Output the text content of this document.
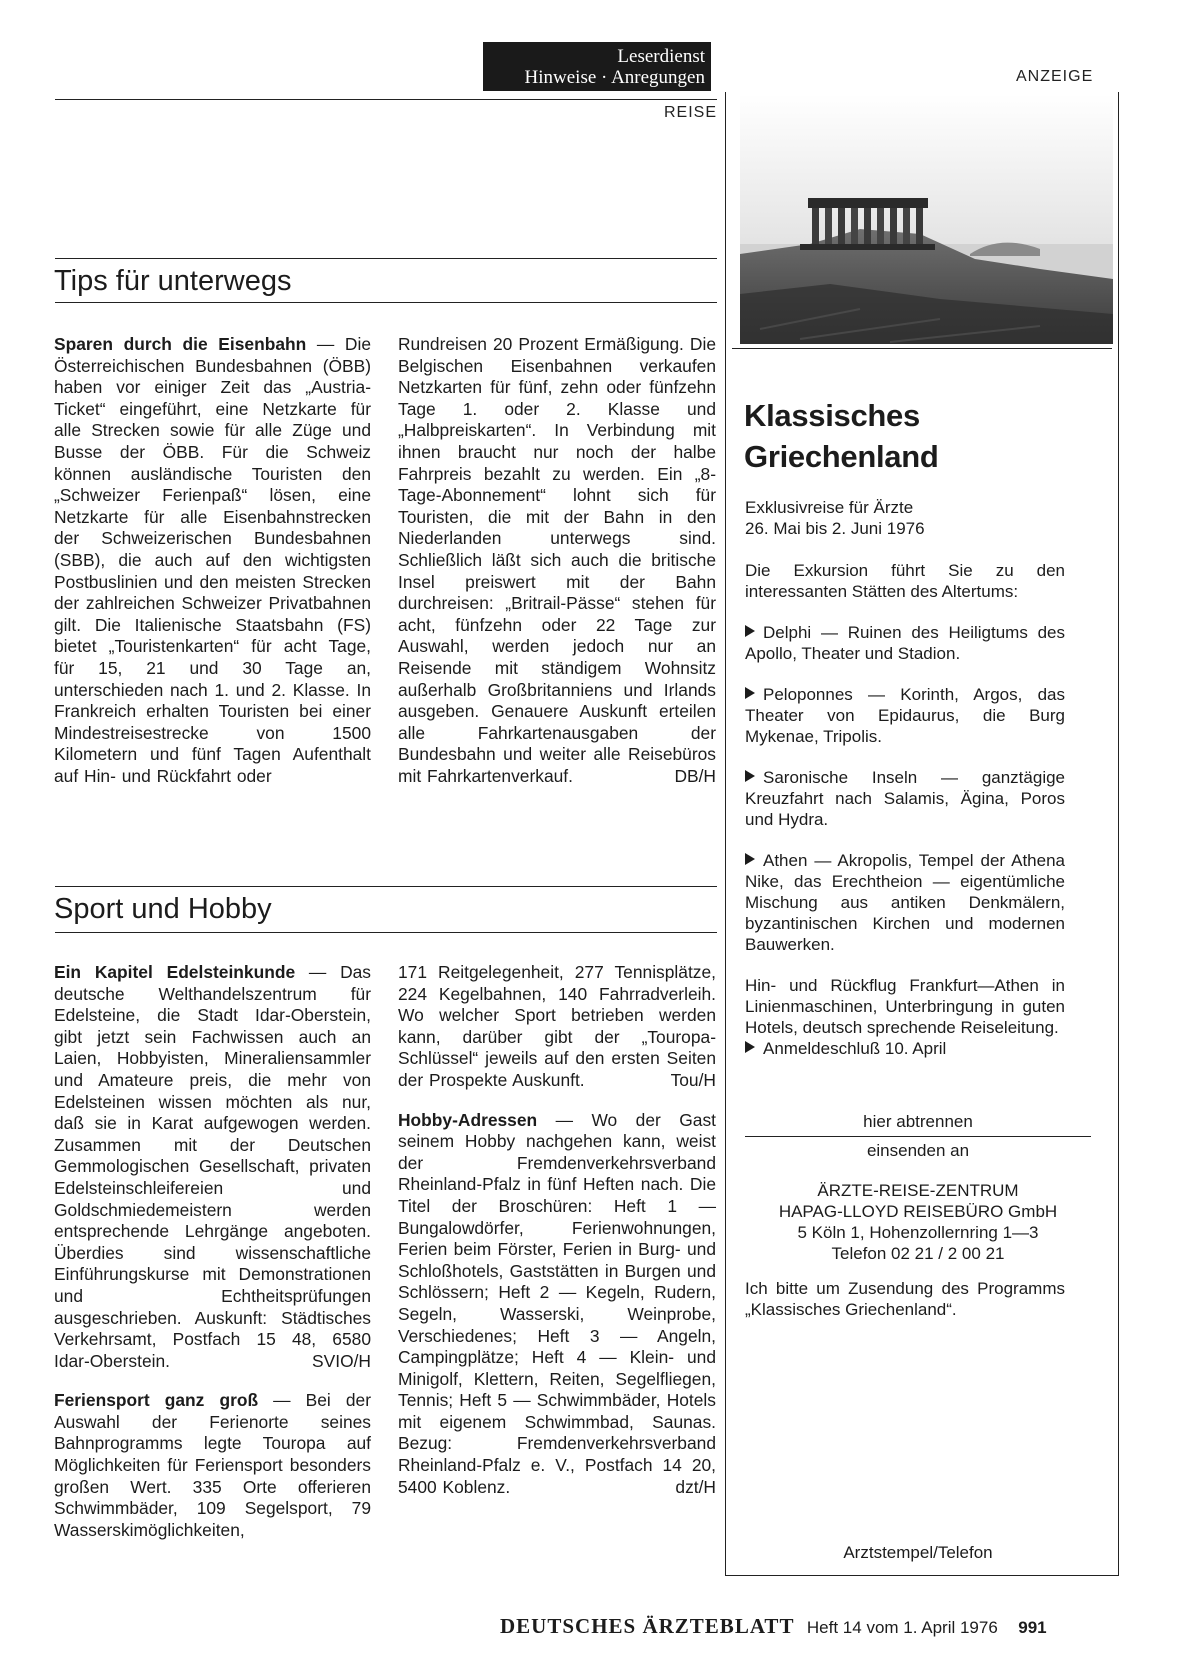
Leserdienst
Hinweise · Anregungen	ANZEIGE
REISE
Tips für unterwegs

Sparen durch die Eisenbahn — Die Österreichischen Bundesbahnen (ÖBB) haben vor einiger Zeit das „Austria-Ticket“ eingeführt, eine Netzkarte für alle Strecken sowie für alle Züge und Busse der ÖBB. Für die Schweiz können ausländische Touristen den „Schweizer Ferienpaß“ lösen, eine Netzkarte für alle Eisenbahnstrecken der Schweizerischen Bundesbahnen (SBB), die auch auf den wichtigsten Postbuslinien und den meisten Strecken der zahlreichen Schweizer Privatbahnen gilt. Die Italienische Staatsbahn (FS) bietet „Touristenkarten“ für acht Tage, für 15, 21 und 30 Tage an, unterschieden nach 1. und 2. Klasse. In Frankreich erhalten Touristen bei einer Mindestreisestrecke von 1500 Kilometern und fünf Tagen Aufenthalt auf Hin- und Rückfahrt oder

Rundreisen 20 Prozent Ermäßigung. Die Belgischen Eisenbahnen verkaufen Netzkarten für fünf, zehn oder fünfzehn Tage 1. oder 2. Klasse und „Halbpreiskarten“. In Verbindung mit ihnen braucht nur noch der halbe Fahrpreis bezahlt zu werden. Ein „8-Tage-Abonnement“ lohnt sich für Touristen, die mit der Bahn in den Niederlanden unterwegs sind. Schließlich läßt sich auch die britische Insel preiswert mit der Bahn durchreisen: „Britrail-Pässe“ stehen für acht, fünfzehn oder 22 Tage zur Auswahl, werden jedoch nur an Reisende mit ständigem Wohnsitz außerhalb Großbritanniens und Irlands ausgeben. Genauere Auskunft erteilen alle Fahrkartenausgaben der Bundesbahn und weiter alle Reisebüros mit Fahrkartenverkauf.	DB/H

Sport und Hobby

Ein Kapitel Edelsteinkunde — Das deutsche Welthandelszentrum für Edelsteine, die Stadt Idar-Oberstein, gibt jetzt sein Fachwissen auch an Laien, Hobbyisten, Mineraliensammler und Amateure preis, die mehr von Edelsteinen wissen möchten als nur, daß sie in Karat aufgewogen werden. Zusammen mit der Deutschen Gemmologischen Gesellschaft, privaten Edelsteinschleifereien und Goldschmiedemeistern werden entsprechende Lehrgänge angeboten. Überdies sind wissenschaftliche Einführungskurse mit Demonstrationen und Echtheitsprüfungen ausgeschrieben. Auskunft: Städtisches Verkehrsamt, Postfach 15 48, 6580 Idar-Oberstein.	SVIO/H

Feriensport ganz groß — Bei der Auswahl der Ferienorte seines Bahnprogramms legte Touropa auf Möglichkeiten für Feriensport besonders großen Wert. 335 Orte offerieren Schwimmbäder, 109 Segelsport, 79 Wasserskimöglichkeiten,

171 Reitgelegenheit, 277 Tennisplätze, 224 Kegelbahnen, 140 Fahrradverleih. Wo welcher Sport betrieben werden kann, darüber gibt der „Touropa-Schlüssel“ jeweils auf den ersten Seiten der Prospekte Auskunft.	Tou/H

Hobby-Adressen — Wo der Gast seinem Hobby nachgehen kann, weist der Fremdenverkehrsverband Rheinland-Pfalz in fünf Heften nach. Die Titel der Broschüren: Heft 1 — Bungalowdörfer, Ferienwohnungen, Ferien beim Förster, Ferien in Burg- und Schloßhotels, Gaststätten in Burgen und Schlössern; Heft 2 — Kegeln, Rudern, Segeln, Wasserski, Weinprobe, Verschiedenes; Heft 3 — Angeln, Campingplätze; Heft 4 — Klein- und Minigolf, Klettern, Reiten, Segelfliegen, Tennis; Heft 5 — Schwimmbäder, Hotels mit eigenem Schwimmbad, Saunas. Bezug: Fremdenverkehrsverband Rheinland-Pfalz e. V., Postfach 14 20, 5400 Koblenz.	dzt/H

Klassisches
Griechenland
Exklusivreise für Ärzte
26. Mai bis 2. Juni 1976

Die Exkursion führt Sie zu den interessanten Stätten des Altertums:

Delphi — Ruinen des Heiligtums des Apollo, Theater und Stadion.
Peloponnes — Korinth, Argos, das Theater von Epidaurus, die Burg Mykenae, Tripolis.
Saronische Inseln — ganztägige Kreuzfahrt nach Salamis, Ägina, Poros und Hydra.
Athen — Akropolis, Tempel der Athena Nike, das Erechtheion — eigentümliche Mischung aus antiken Denkmälern, byzantinischen Kirchen und modernen Bauwerken.

Hin- und Rückflug Frankfurt—Athen in Linienmaschinen, Unterbringung in guten Hotels, deutsch sprechende Reiseleitung.

Anmeldeschluß 10. April

hier abtrennen
einsenden an
ÄRZTE-REISE-ZENTRUM
HAPAG-LLOYD REISEBÜRO GmbH
5 Köln 1, Hohenzollernring 1—3
Telefon 02 21 / 2 00 21
Ich bitte um Zusendung des Programms „Klassisches Griechenland“.
Arztstempel/Telefon
DEUTSCHES ÄRZTEBLATT Heft 14 vom 1. April 1976 991
